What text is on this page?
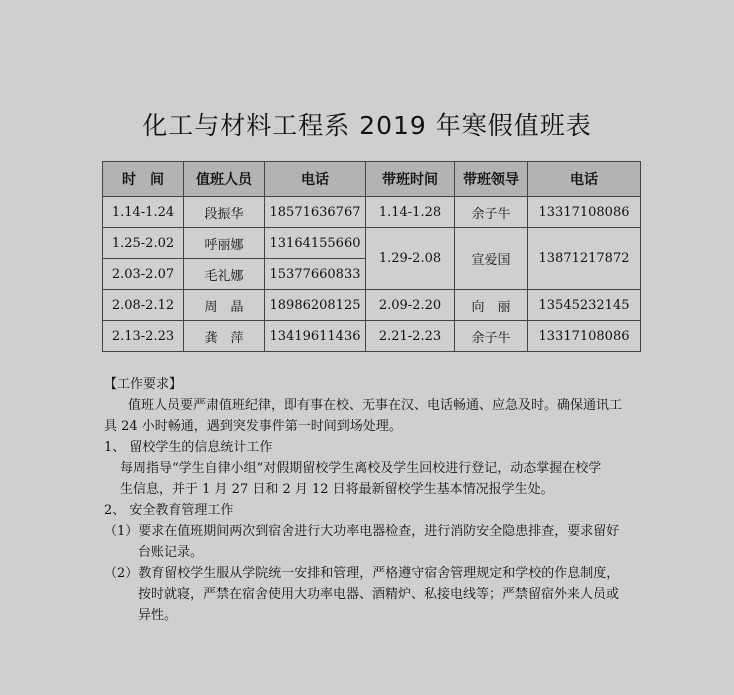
化工与材料工程系 2019 年寒假值班表
时　间	值班人员	电话	带班时间	带班领导	电话
1.14-1.24	段振华	18571636767	1.14-1.28	余子牛	13317108086
1.25-2.02	呼丽娜	13164155660	1.29-2.08	宣爱国	13871217872
2.03-2.07	毛礼娜	15377660833			
2.08-2.12	周　晶	18986208125	2.09-2.20	向　丽	13545232145
2.13-2.23	龚　萍	13419611436	2.21-2.23	余子牛	13317108086

【工作要求】

值班人员要严肃值班纪律，即有事在校、无事在汉、电话畅通、应急及时。确保通讯工

具 24 小时畅通，遇到突发事件第一时间到场处理。

1、 留校学生的信息统计工作

每周指导“学生自律小组”对假期留校学生离校及学生回校进行登记，动态掌握在校学

生信息，并于 1 月 27 日和 2 月 12 日将最新留校学生基本情况报学生处。

2、 安全教育管理工作

（1）要求在值班期间两次到宿舍进行大功率电器检查，进行消防安全隐患排查，要求留好

台账记录。

（2）教育留校学生服从学院统一安排和管理，严格遵守宿舍管理规定和学校的作息制度，

按时就寝，严禁在宿舍使用大功率电器、酒精炉、私接电线等；严禁留宿外来人员或

异性。
